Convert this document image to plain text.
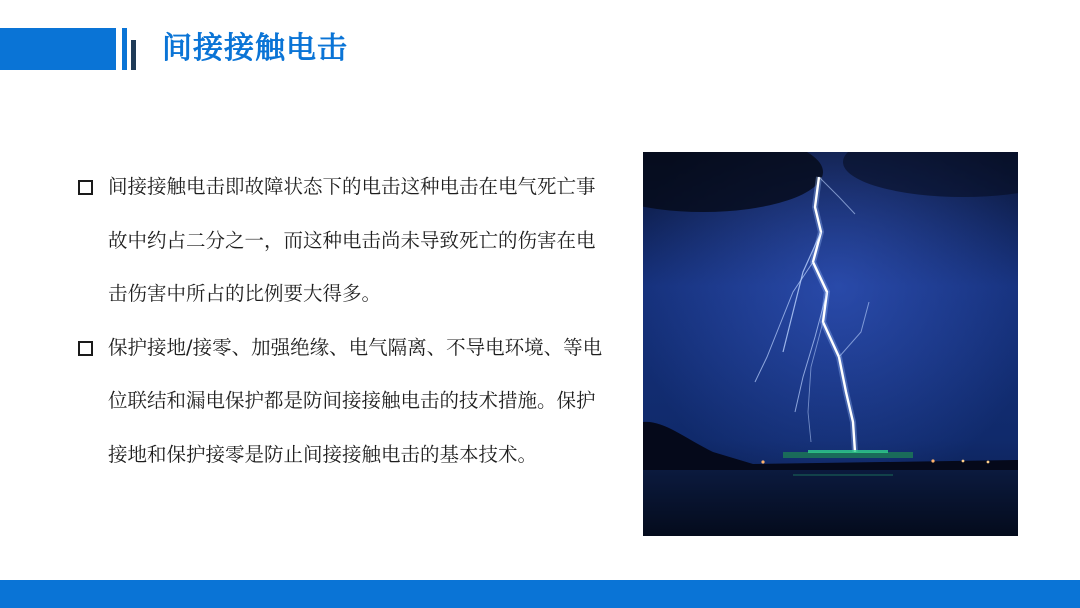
间接接触电击
间接接触电击即故障状态下的电击这种电击在电气死亡事故中约占二分之一，而这种电击尚未导致死亡的伤害在电击伤害中所占的比例要大得多。
保护接地/接零、加强绝缘、电气隔离、不导电环境、等电位联结和漏电保护都是防间接接触电击的技术措施。保护接地和保护接零是防止间接接触电击的基本技术。
